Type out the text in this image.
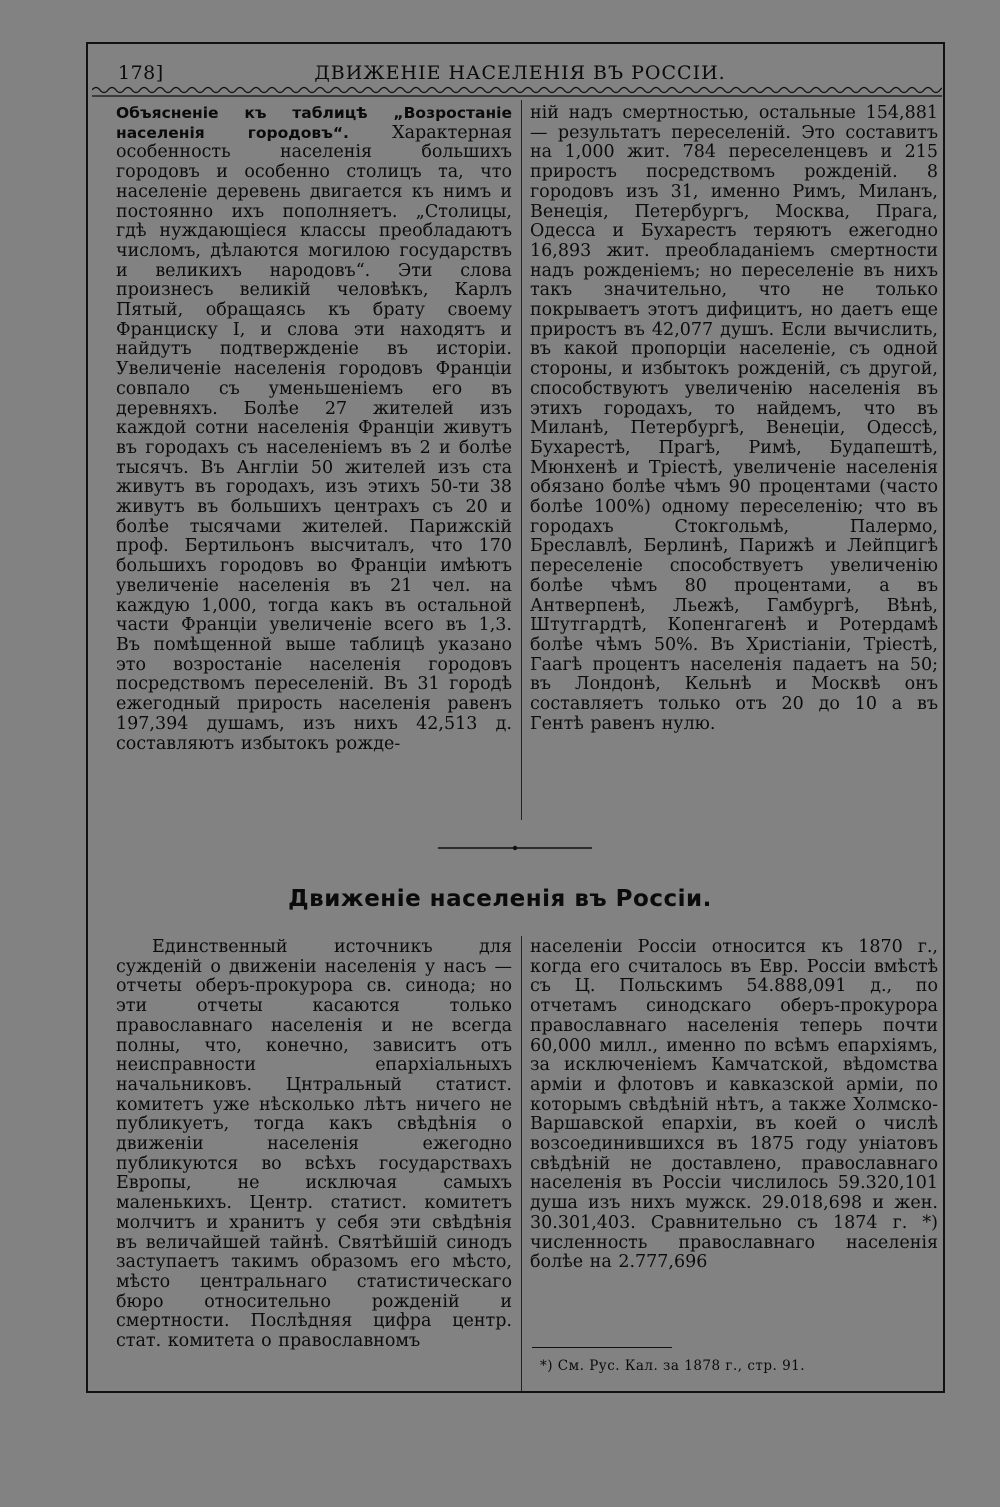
178]	ДВИЖЕНІЕ НАСЕЛЕНІЯ ВЪ РОССІИ.

Объясненіе къ таблицѣ „Возростаніе населенія городовъ“. Характерная особенность населенія большихъ городовъ и особенно столицъ та, что населеніе деревень двигается къ нимъ и постоянно ихъ пополняетъ. „Столицы, гдѣ нуждающіеся классы преобладаютъ числомъ, дѣлаются могилою государствъ и великихъ народовъ“. Эти слова произнесъ великій человѣкъ, Карлъ Пятый, обращаясь къ брату своему Франциску I, и слова эти находятъ и найдутъ подтвержденіе въ исторіи. Увеличеніе населенія городовъ Франціи совпало съ уменьшеніемъ его въ деревняхъ. Болѣе 27 жителей изъ каждой сотни населенія Франціи живутъ въ городахъ съ населеніемъ въ 2 и болѣе тысячъ. Въ Англіи 50 жителей изъ ста живутъ въ городахъ, изъ этихъ 50-ти 38 живутъ въ большихъ центрахъ съ 20 и болѣе тысячами жителей. Парижскій проф. Бертильонъ высчиталъ, что 170 большихъ городовъ во Франціи имѣютъ увеличеніе населенія въ 21 чел. на каждую 1,000, тогда какъ въ остальной части Франціи увеличеніе всего въ 1,3. Въ помѣщенной выше таблицѣ указано это возростаніе населенія городовъ посредствомъ переселеній. Въ 31 городѣ ежегодный прирость населенія равенъ 197,394 душамъ, изъ нихъ 42,513 д. составляютъ избытокъ рожде-

ній надъ смертностью, остальные 154,881— результатъ переселеній. Это составитъ на 1,000 жит. 784 переселенцевъ и 215 приростъ посредствомъ рожденій. 8 городовъ изъ 31, именно Римъ, Миланъ, Венеція, Петербургъ, Москва, Прага, Одесса и Бухарестъ теряютъ ежегодно 16,893 жит. преобладаніемъ смертности надъ рожденіемъ; но переселеніе въ нихъ такъ значительно, что не только покрываетъ этотъ дифицитъ, но даетъ еще приростъ въ 42,077 душъ. Если вычислить, въ какой пропорціи населеніе, съ одной стороны, и избытокъ рожденій, съ другой, способствуютъ увеличенію населенія въ этихъ городахъ, то найдемъ, что въ Миланѣ, Петербургѣ, Венеціи, Одессѣ, Бухарестѣ, Прагѣ, Римѣ, Будапештѣ, Мюнхенѣ и Тріестѣ, увеличеніе населенія обязано болѣе чѣмъ 90 процентами (часто болѣе 100%) одному переселенію; что въ городахъ Стокгольмѣ, Палермо, Бреславлѣ, Берлинѣ, Парижѣ и Лейпцигѣ переселеніе способствуетъ увеличенію болѣе чѣмъ 80 процентами, а въ Антверпенѣ, Льежѣ, Гамбургѣ, Вѣнѣ, Штутгардтѣ, Копенгагенѣ и Ротердамѣ болѣе чѣмъ 50%. Въ Христіаніи, Тріестѣ, Гаагѣ процентъ населенія падаетъ на 50; въ Лондонѣ, Кельнѣ и Москвѣ онъ составляетъ только отъ 20 до 10 а въ Гентѣ равенъ нулю.

Движеніе населенія въ Россіи.

Единственный источникъ для сужденій о движеніи населенія у насъ — отчеты оберъ-прокурора св. синода; но эти отчеты касаются только православнаго населенія и не всегда полны, что, конечно, зависитъ отъ неисправности епархіальныхъ начальниковъ. Цнтральный статист. комитетъ уже нѣсколько лѣтъ ничего не публикуетъ, тогда какъ свѣдѣнія о движеніи населенія ежегодно публикуются во всѣхъ государствахъ Европы, не исключая самыхъ маленькихъ. Центр. статист. комитетъ молчитъ и хранитъ у себя эти свѣдѣнія въ величайшей тайнѣ. Святѣйшій синодъ заступаетъ такимъ образомъ его мѣсто, мѣсто центральнаго статистическаго бюро относительно рожденій и смертности. Послѣдняя цифра центр. стат. комитета о православномъ

населеніи Россіи относится къ 1870 г., когда его считалось въ Евр. Россіи вмѣстѣ съ Ц. Польскимъ 54.888,091 д., по отчетамъ синодскаго оберъ-прокурора православнаго населенія теперь почти 60,000 милл., именно по всѣмъ епархіямъ, за исключеніемъ Камчатской, вѣдомства арміи и флотовъ и кавказской арміи, по которымъ свѣдѣній нѣтъ, а также Холмско-Варшавской епархіи, въ коей о числѣ возсоединившихся въ 1875 году уніатовъ свѣдѣній не доставлено, православнаго населенія въ Россіи числилось 59.320,101 душа изъ нихъ мужск. 29.018,698 и жен. 30.301,403. Сравнительно съ 1874 г. *) численность православнаго населенія болѣе на 2.777,696

*) См. Рус. Кал. за 1878 г., стр. 91.
